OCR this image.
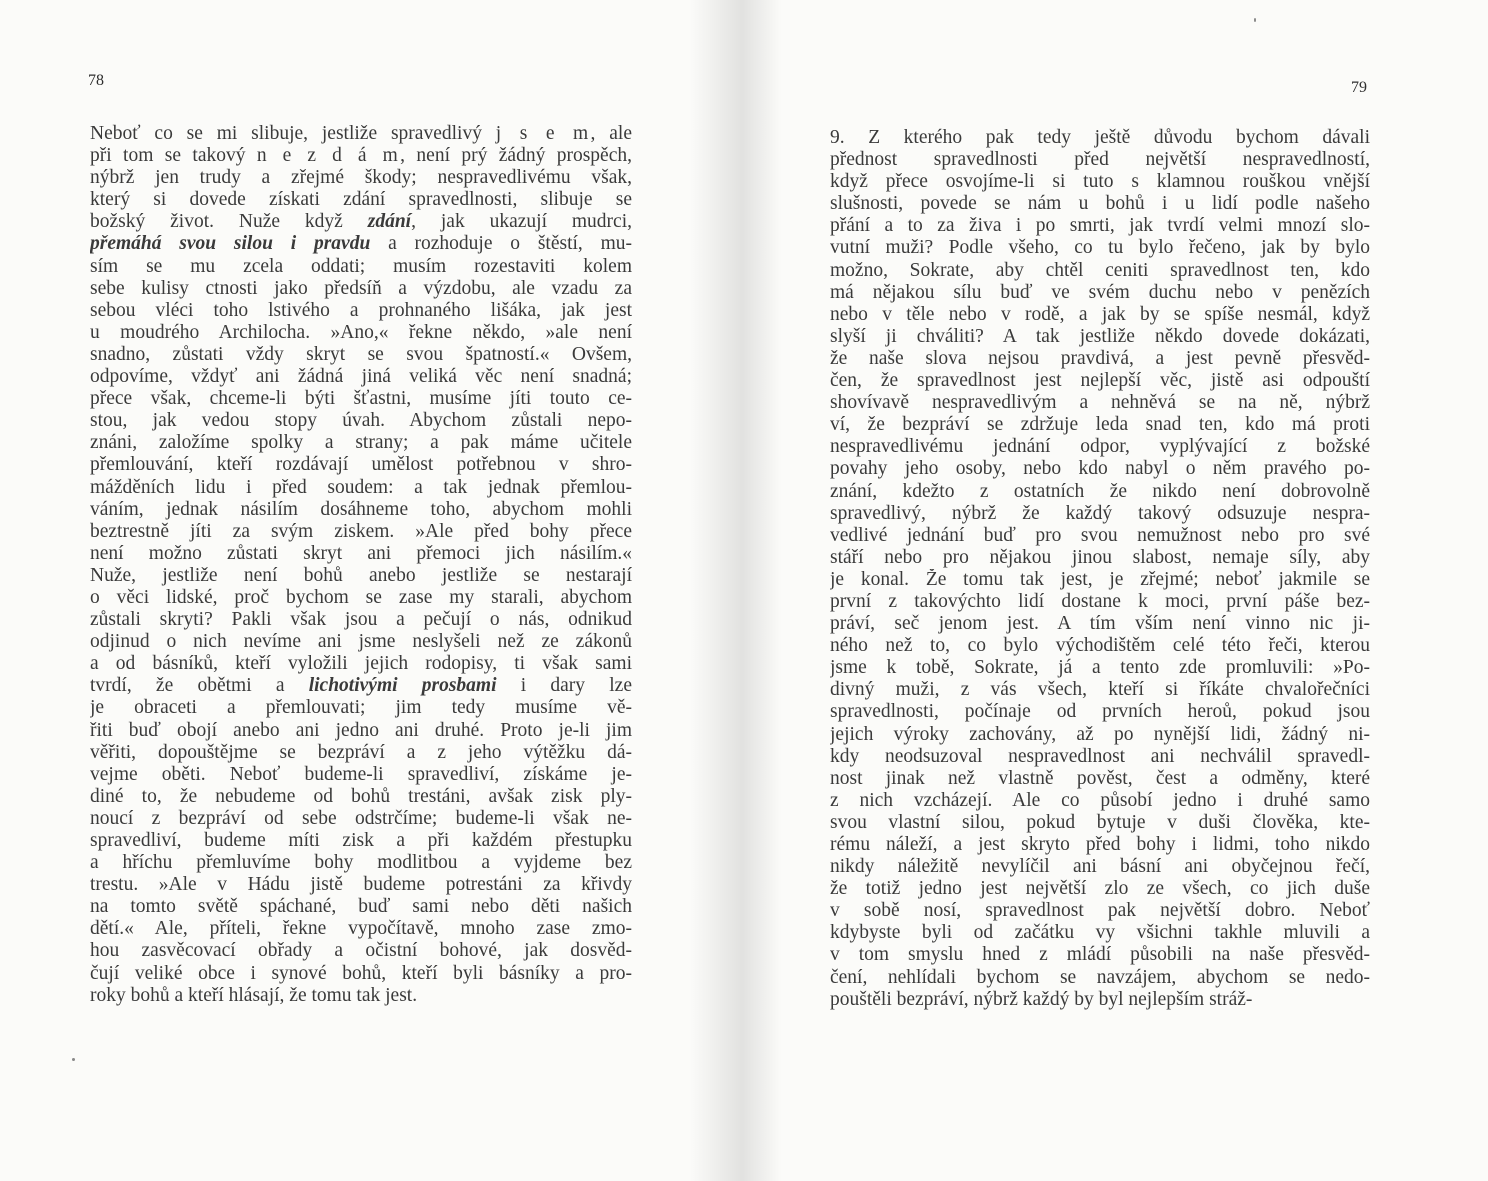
78
Neboť co se mi slibuje, jestliže spravedlivý j s e m, ale
při tom se takový n e z d á m, není prý žádný prospěch,
nýbrž jen trudy a zřejmé škody; nespravedlivému však,
který si dovede získati zdání spravedlnosti, slibuje se
božský život. Nuže když zdání, jak ukazují mudrci,
přemáhá svou silou i pravdu a rozhoduje o štěstí, mu-
sím se mu zcela oddati; musím rozestaviti kolem
sebe kulisy ctnosti jako předsíň a výzdobu, ale vzadu za
sebou vléci toho lstivého a prohnaného lišáka, jak jest
u moudrého Archilocha. »Ano,« řekne někdo, »ale není
snadno, zůstati vždy skryt se svou špatností.« Ovšem,
odpovíme, vždyť ani žádná jiná veliká věc není snadná;
přece však, chceme-li býti šťastni, musíme jíti touto ce-
stou, jak vedou stopy úvah. Abychom zůstali nepo-
znáni, založíme spolky a strany; a pak máme učitele
přemlouvání, kteří rozdávají umělost potřebnou v shro-
mážděních lidu i před soudem: a tak jednak přemlou-
váním, jednak násilím dosáhneme toho, abychom mohli
beztrestně jíti za svým ziskem. »Ale před bohy přece
není možno zůstati skryt ani přemoci jich násilím.«
Nuže, jestliže není bohů anebo jestliže se nestarají
o věci lidské, proč bychom se zase my starali, abychom
zůstali skryti? Pakli však jsou a pečují o nás, odnikud
odjinud o nich nevíme ani jsme neslyšeli než ze zákonů
a od básníků, kteří vyložili jejich rodopisy, ti však sami
tvrdí, že obětmi a lichotivými prosbami i dary lze
je obraceti a přemlouvati; jim tedy musíme vě-
řiti buď obojí anebo ani jedno ani druhé. Proto je-li jim
věřiti, dopouštějme se bezpráví a z jeho výtěžku dá-
vejme oběti. Neboť budeme-li spravedliví, získáme je-
diné to, že nebudeme od bohů trestáni, avšak zisk ply-
noucí z bezpráví od sebe odstrčíme; budeme-li však ne-
spravedliví, budeme míti zisk a při každém přestupku
a hříchu přemluvíme bohy modlitbou a vyjdeme bez
trestu. »Ale v Hádu jistě budeme potrestáni za křivdy
na tomto světě spáchané, buď sami nebo děti našich
dětí.« Ale, příteli, řekne vypočítavě, mnoho zase zmo-
hou zasvěcovací obřady a očistní bohové, jak dosvěd-
čují veliké obce i synové bohů, kteří byli básníky a pro-
roky bohů a kteří hlásají, že tomu tak jest.
79
9. Z kterého pak tedy ještě důvodu bychom dávali
přednost spravedlnosti před největší nespravedlností,
když přece osvojíme-li si tuto s klamnou rouškou vnější
slušnosti, povede se nám u bohů i u lidí podle našeho
přání a to za živa i po smrti, jak tvrdí velmi mnozí slo-
vutní muži? Podle všeho, co tu bylo řečeno, jak by bylo
možno, Sokrate, aby chtěl ceniti spravedlnost ten, kdo
má nějakou sílu buď ve svém duchu nebo v penězích
nebo v těle nebo v rodě, a jak by se spíše nesmál, když
slyší ji chváliti? A tak jestliže někdo dovede dokázati,
že naše slova nejsou pravdivá, a jest pevně přesvěd-
čen, že spravedlnost jest nejlepší věc, jistě asi odpouští
shovívavě nespravedlivým a nehněvá se na ně, nýbrž
ví, že bezpráví se zdržuje leda snad ten, kdo má proti
nespravedlivému jednání odpor, vyplývající z božské
povahy jeho osoby, nebo kdo nabyl o něm pravého po-
znání, kdežto z ostatních že nikdo není dobrovolně
spravedlivý, nýbrž že každý takový odsuzuje nespra-
vedlivé jednání buď pro svou nemužnost nebo pro své
stáří nebo pro nějakou jinou slabost, nemaje síly, aby
je konal. Že tomu tak jest, je zřejmé; neboť jakmile se
první z takovýchto lidí dostane k moci, první páše bez-
práví, seč jenom jest. A tím vším není vinno nic ji-
ného než to, co bylo východištěm celé této řeči, kterou
jsme k tobě, Sokrate, já a tento zde promluvili: »Po-
divný muži, z vás všech, kteří si říkáte chvalořečníci
spravedlnosti, počínaje od prvních heroů, pokud jsou
jejich výroky zachovány, až po nynější lidi, žádný ni-
kdy neodsuzoval nespravedlnost ani nechválil spravedl-
nost jinak než vlastně pověst, čest a odměny, které
z nich vzcházejí. Ale co působí jedno i druhé samo
svou vlastní silou, pokud bytuje v duši člověka, kte-
rému náleží, a jest skryto před bohy i lidmi, toho nikdo
nikdy náležitě nevylíčil ani básní ani obyčejnou řečí,
že totiž jedno jest největší zlo ze všech, co jich duše
v sobě nosí, spravedlnost pak největší dobro. Neboť
kdybyste byli od začátku vy všichni takhle mluvili a
v tom smyslu hned z mládí působili na naše přesvěd-
čení, nehlídali bychom se navzájem, abychom se nedo-
pouštěli bezpráví, nýbrž každý by byl nejlepším stráž-
